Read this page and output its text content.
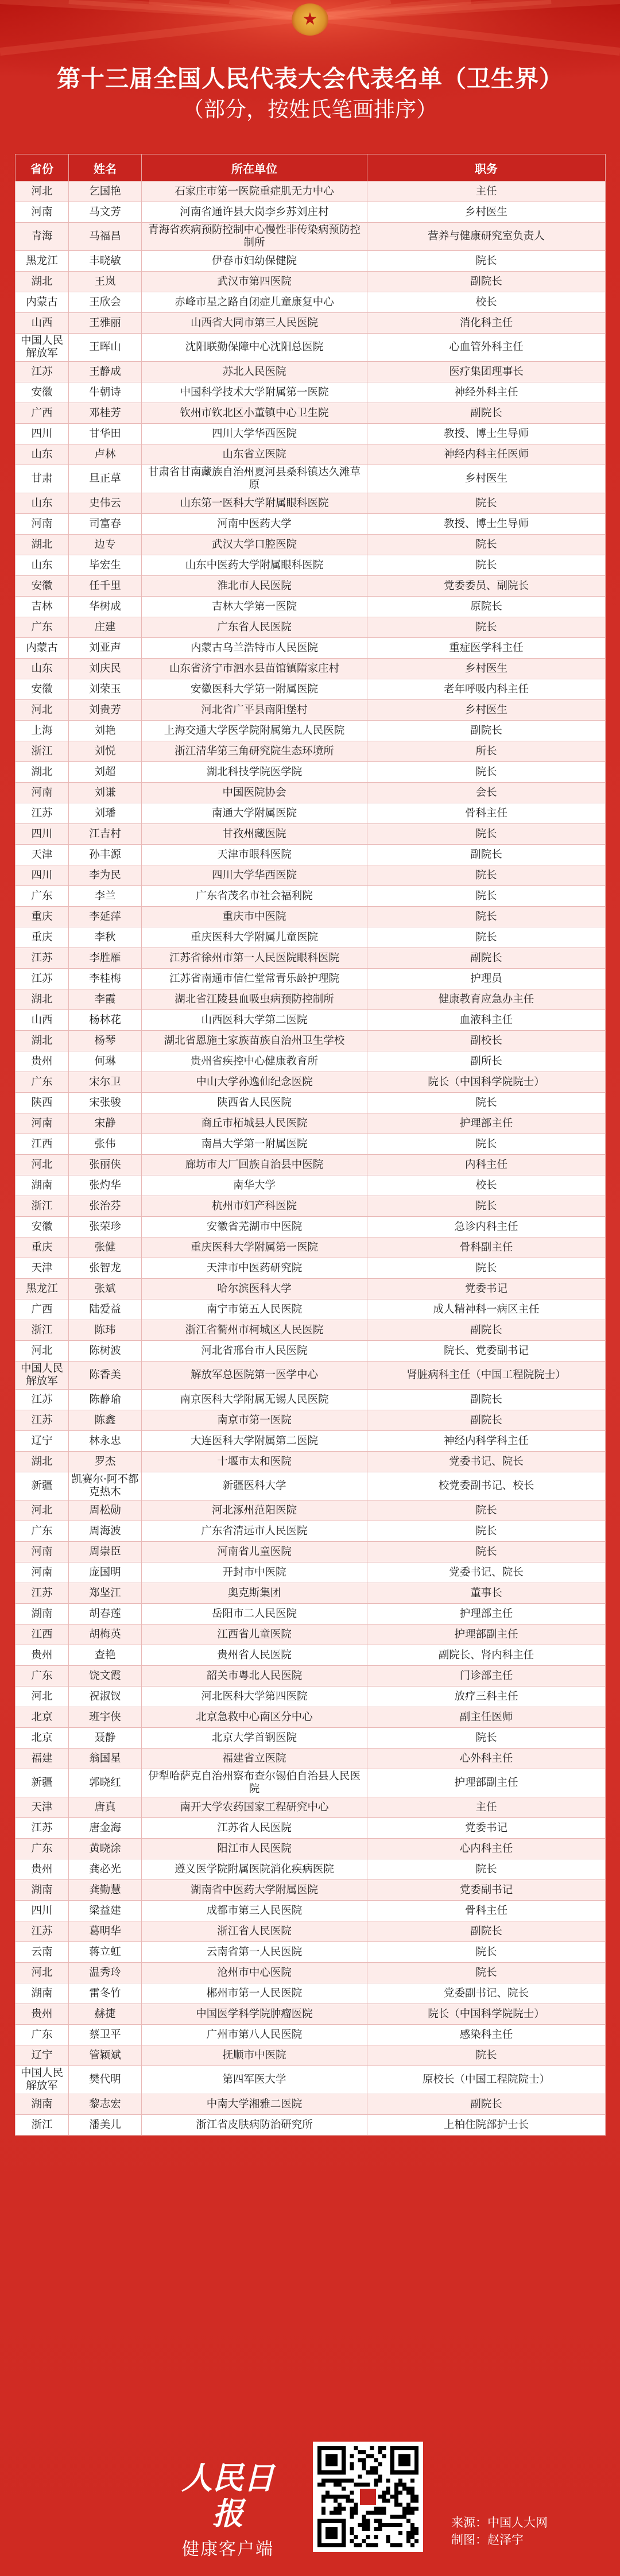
★
第十三届全国人民代表大会代表名单（卫生界）
（部分，按姓氏笔画排序）
省份	姓名	所在单位	职务
河北	乞国艳	石家庄市第一医院重症肌无力中心	主任
河南	马文芳	河南省通许县大岗李乡苏刘庄村	乡村医生
青海	马福昌	青海省疾病预防控制中心慢性非传染病预防控制所	营养与健康研究室负责人
黑龙江	丰晓敏	伊春市妇幼保健院	院长
湖北	王岚	武汉市第四医院	副院长
内蒙古	王欣会	赤峰市星之路自闭症儿童康复中心	校长
山西	王雅丽	山西省大同市第三人民医院	消化科主任
中国人民解放军	王晖山	沈阳联勤保障中心沈阳总医院	心血管外科主任
江苏	王静成	苏北人民医院	医疗集团理事长
安徽	牛朝诗	中国科学技术大学附属第一医院	神经外科主任
广西	邓桂芳	钦州市钦北区小董镇中心卫生院	副院长
四川	甘华田	四川大学华西医院	教授、博士生导师
山东	卢林	山东省立医院	神经内科主任医师
甘肃	旦正草	甘肃省甘南藏族自治州夏河县桑科镇达久滩草原	乡村医生
山东	史伟云	山东第一医科大学附属眼科医院	院长
河南	司富春	河南中医药大学	教授、博士生导师
湖北	边专	武汉大学口腔医院	院长
山东	毕宏生	山东中医药大学附属眼科医院	院长
安徽	任千里	淮北市人民医院	党委委员、副院长
吉林	华树成	吉林大学第一医院	原院长
广东	庄建	广东省人民医院	院长
内蒙古	刘亚声	内蒙古乌兰浩特市人民医院	重症医学科主任
山东	刘庆民	山东省济宁市泗水县苗馆镇隋家庄村	乡村医生
安徽	刘荣玉	安徽医科大学第一附属医院	老年呼吸内科主任
河北	刘贵芳	河北省广平县南阳堡村	乡村医生
上海	刘艳	上海交通大学医学院附属第九人民医院	副院长
浙江	刘悦	浙江清华第三角研究院生态环境所	所长
湖北	刘超	湖北科技学院医学院	院长
河南	刘谦	中国医院协会	会长
江苏	刘璠	南通大学附属医院	骨科主任
四川	江吉村	甘孜州藏医院	院长
天津	孙丰源	天津市眼科医院	副院长
四川	李为民	四川大学华西医院	院长
广东	李兰	广东省茂名市社会福利院	院长
重庆	李延萍	重庆市中医院	院长
重庆	李秋	重庆医科大学附属儿童医院	院长
江苏	李胜雁	江苏省徐州市第一人民医院眼科医院	副院长
江苏	李桂梅	江苏省南通市信仁堂常青乐龄护理院	护理员
湖北	李霞	湖北省江陵县血吸虫病预防控制所	健康教育应急办主任
山西	杨林花	山西医科大学第二医院	血液科主任
湖北	杨琴	湖北省恩施土家族苗族自治州卫生学校	副校长
贵州	何琳	贵州省疾控中心健康教育所	副所长
广东	宋尔卫	中山大学孙逸仙纪念医院	院长（中国科学院院士）
陕西	宋张骏	陕西省人民医院	院长
河南	宋静	商丘市柘城县人民医院	护理部主任
江西	张伟	南昌大学第一附属医院	院长
河北	张丽侠	廊坊市大厂回族自治县中医院	内科主任
湖南	张灼华	南华大学	校长
浙江	张治芬	杭州市妇产科医院	院长
安徽	张荣珍	安徽省芜湖市中医院	急诊内科主任
重庆	张健	重庆医科大学附属第一医院	骨科副主任
天津	张智龙	天津市中医药研究院	院长
黑龙江	张斌	哈尔滨医科大学	党委书记
广西	陆爱益	南宁市第五人民医院	成人精神科一病区主任
浙江	陈玮	浙江省衢州市柯城区人民医院	副院长
河北	陈树波	河北省邢台市人民医院	院长、党委副书记
中国人民解放军	陈香美	解放军总医院第一医学中心	肾脏病科主任（中国工程院院士）
江苏	陈静瑜	南京医科大学附属无锡人民医院	副院长
江苏	陈鑫	南京市第一医院	副院长
辽宁	林永忠	大连医科大学附属第二医院	神经内科学科主任
湖北	罗杰	十堰市太和医院	党委书记、院长
新疆	凯赛尔·阿不都克热木	新疆医科大学	校党委副书记、校长
河北	周松勋	河北涿州范阳医院	院长
广东	周海波	广东省清远市人民医院	院长
河南	周崇臣	河南省儿童医院	院长
河南	庞国明	开封市中医院	党委书记、院长
江苏	郑坚江	奥克斯集团	董事长
湖南	胡春莲	岳阳市二人民医院	护理部主任
江西	胡梅英	江西省儿童医院	护理部副主任
贵州	查艳	贵州省人民医院	副院长、肾内科主任
广东	饶文霞	韶关市粤北人民医院	门诊部主任
河北	祝淑钗	河北医科大学第四医院	放疗三科主任
北京	班宇侠	北京急救中心南区分中心	副主任医师
北京	聂静	北京大学首钢医院	院长
福建	翁国星	福建省立医院	心外科主任
新疆	郭晓红	伊犁哈萨克自治州察布查尔锡伯自治县人民医院	护理部副主任
天津	唐真	南开大学农药国家工程研究中心	主任
江苏	唐金海	江苏省人民医院	党委书记
广东	黄晓涂	阳江市人民医院	心内科主任
贵州	龚必光	遵义医学院附属医院消化疾病医院	院长
湖南	龚勤慧	湖南省中医药大学附属医院	党委副书记
四川	梁益建	成都市第三人民医院	骨科主任
江苏	葛明华	浙江省人民医院	副院长
云南	蒋立虹	云南省第一人民医院	院长
河北	温秀玲	沧州市中心医院	院长
湖南	雷冬竹	郴州市第一人民医院	党委副书记、院长
贵州	赫捷	中国医学科学院肿瘤医院	院长（中国科学院院士）
广东	蔡卫平	广州市第八人民医院	感染科主任
辽宁	管颖斌	抚顺市中医院	院长
中国人民解放军	樊代明	第四军医大学	原校长（中国工程院院士）
湖南	黎志宏	中南大学湘雅二医院	副院长
浙江	潘美儿	浙江省皮肤病防治研究所	上柏住院部护士长
人民日报
健康客户端
来源：中国人大网
制图：赵泽宇
